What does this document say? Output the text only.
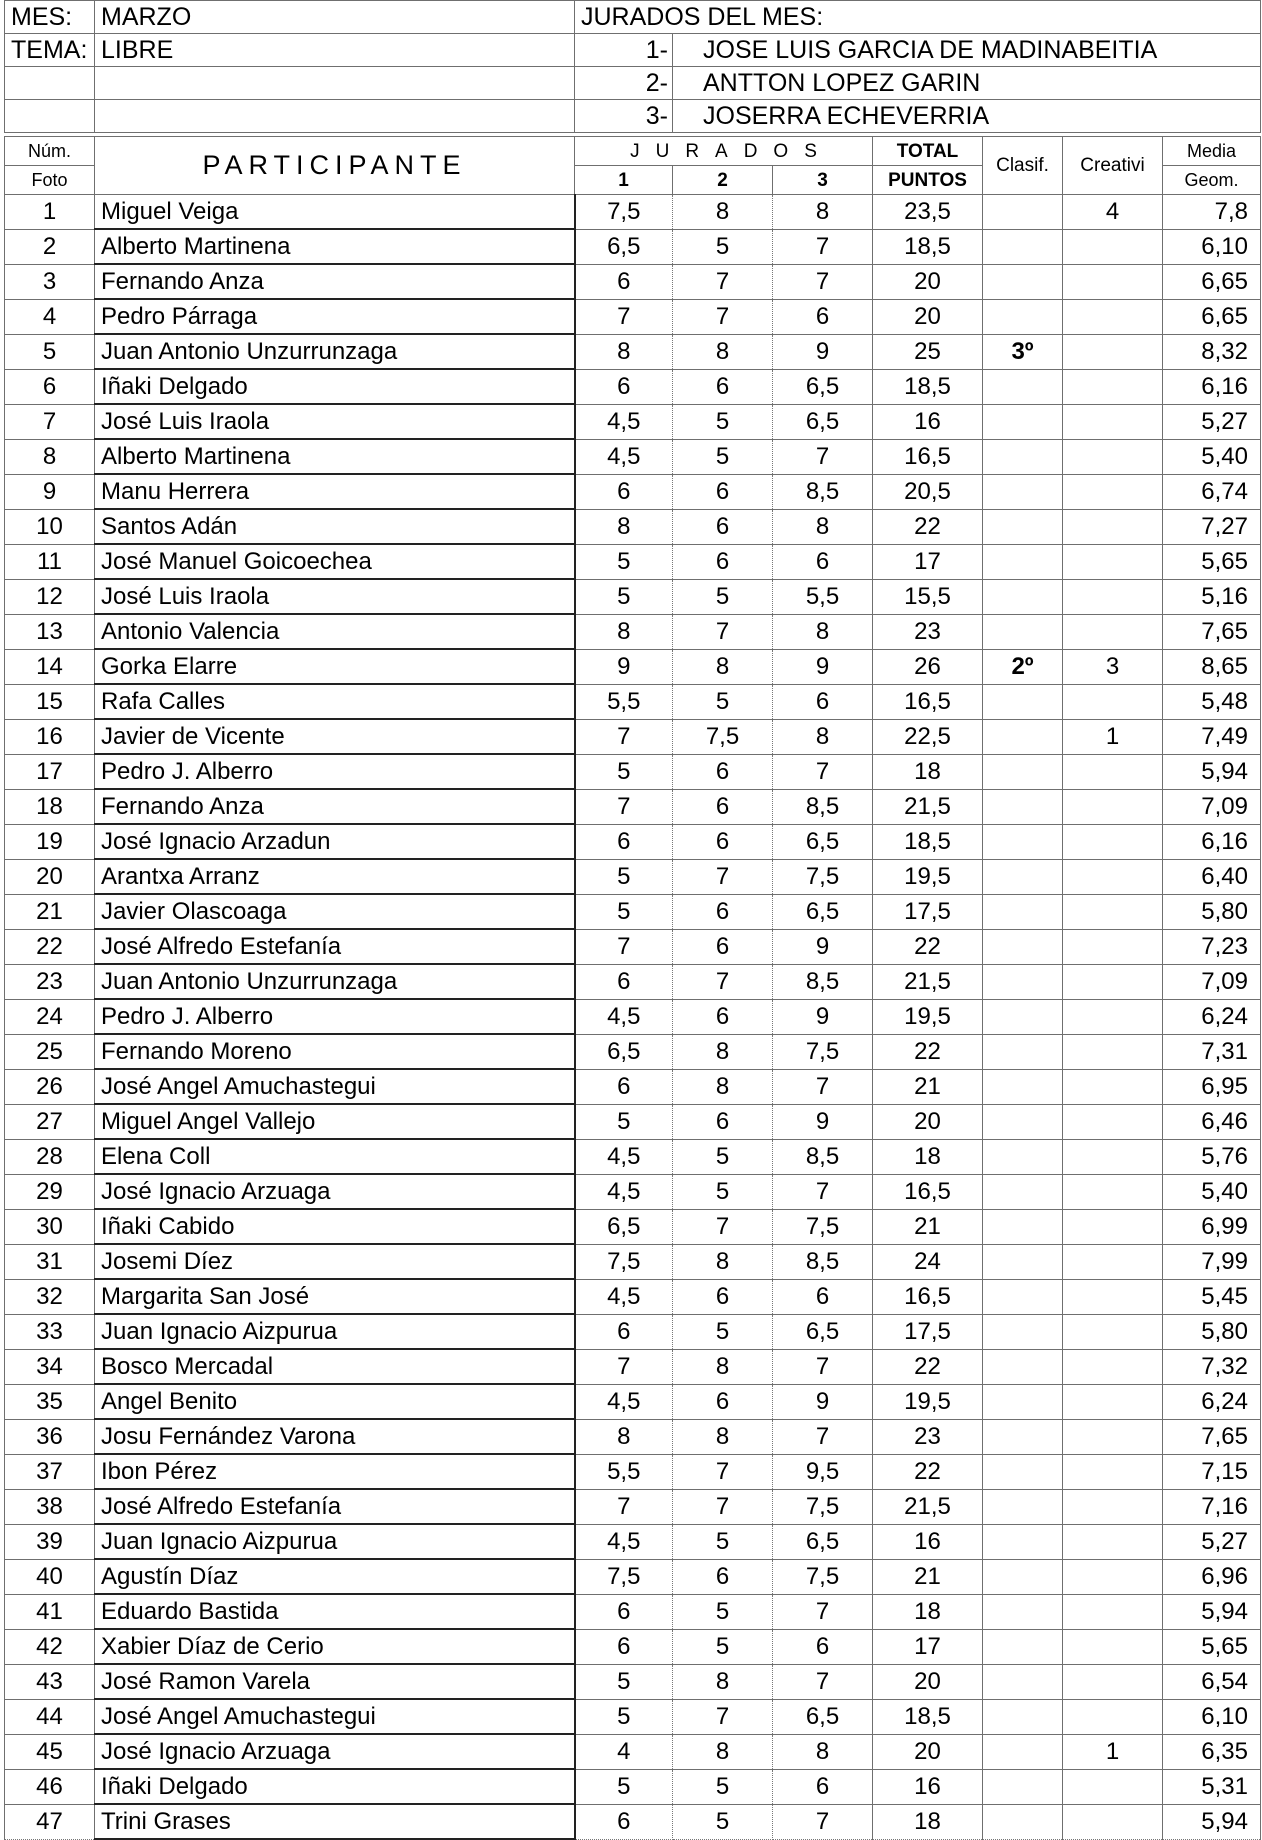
MES:	MARZO	JURADOS DEL MES:	
TEMA:	LIBRE	1-	JOSE LUIS GARCIA DE MADINABEITIA
		2-	ANTTON LOPEZ GARIN
		3-	JOSERRA ECHEVERRIA
Núm.	PARTICIPANTE	JURADOS			TOTAL	Clasif.	Creativi	Media
Foto		1	2	3	PUNTOS			Geom.
1	Miguel Veiga	7,5	8	8	23,5		4	7,8
2	Alberto Martinena	6,5	5	7	18,5			6,10
3	Fernando Anza	6	7	7	20			6,65
4	Pedro Párraga	7	7	6	20			6,65
5	Juan Antonio Unzurrunzaga	8	8	9	25	3º		8,32
6	Iñaki Delgado	6	6	6,5	18,5			6,16
7	José Luis Iraola	4,5	5	6,5	16			5,27
8	Alberto Martinena	4,5	5	7	16,5			5,40
9	Manu Herrera	6	6	8,5	20,5			6,74
10	Santos Adán	8	6	8	22			7,27
11	José Manuel Goicoechea	5	6	6	17			5,65
12	José Luis Iraola	5	5	5,5	15,5			5,16
13	Antonio Valencia	8	7	8	23			7,65
14	Gorka Elarre	9	8	9	26	2º	3	8,65
15	Rafa Calles	5,5	5	6	16,5			5,48
16	Javier de Vicente	7	7,5	8	22,5		1	7,49
17	Pedro J. Alberro	5	6	7	18			5,94
18	Fernando Anza	7	6	8,5	21,5			7,09
19	José Ignacio Arzadun	6	6	6,5	18,5			6,16
20	Arantxa Arranz	5	7	7,5	19,5			6,40
21	Javier Olascoaga	5	6	6,5	17,5			5,80
22	José Alfredo Estefanía	7	6	9	22			7,23
23	Juan Antonio Unzurrunzaga	6	7	8,5	21,5			7,09
24	Pedro J. Alberro	4,5	6	9	19,5			6,24
25	Fernando Moreno	6,5	8	7,5	22			7,31
26	José Angel Amuchastegui	6	8	7	21			6,95
27	Miguel Angel Vallejo	5	6	9	20			6,46
28	Elena Coll	4,5	5	8,5	18			5,76
29	José Ignacio Arzuaga	4,5	5	7	16,5			5,40
30	Iñaki Cabido	6,5	7	7,5	21			6,99
31	Josemi Díez	7,5	8	8,5	24			7,99
32	Margarita San José	4,5	6	6	16,5			5,45
33	Juan Ignacio Aizpurua	6	5	6,5	17,5			5,80
34	Bosco Mercadal	7	8	7	22			7,32
35	Angel Benito	4,5	6	9	19,5			6,24
36	Josu Fernández Varona	8	8	7	23			7,65
37	Ibon Pérez	5,5	7	9,5	22			7,15
38	José Alfredo Estefanía	7	7	7,5	21,5			7,16
39	Juan Ignacio Aizpurua	4,5	5	6,5	16			5,27
40	Agustín Díaz	7,5	6	7,5	21			6,96
41	Eduardo Bastida	6	5	7	18			5,94
42	Xabier Díaz de Cerio	6	5	6	17			5,65
43	José Ramon Varela	5	8	7	20			6,54
44	José Angel Amuchastegui	5	7	6,5	18,5			6,10
45	José Ignacio Arzuaga	4	8	8	20		1	6,35
46	Iñaki Delgado	5	5	6	16			5,31
47	Trini Grases	6	5	7	18			5,94
